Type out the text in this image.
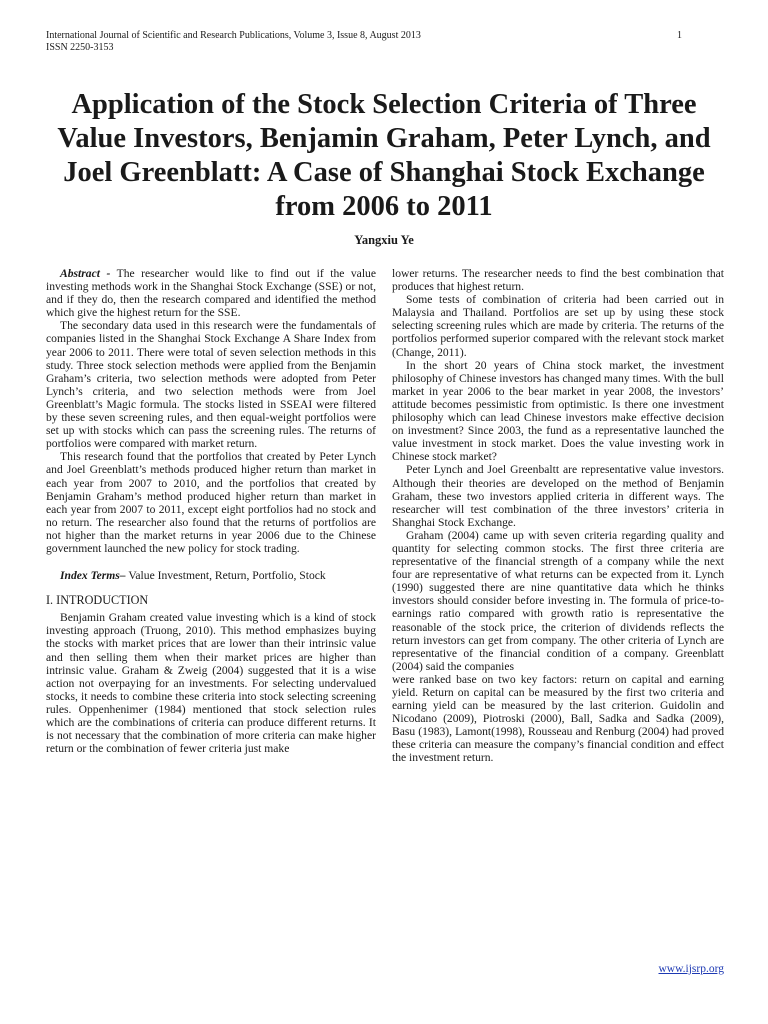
International Journal of Scientific and Research Publications, Volume 3, Issue 8, August 2013
ISSN 2250-3153
1
Application of the Stock Selection Criteria of Three Value Investors, Benjamin Graham, Peter Lynch, and Joel Greenblatt: A Case of Shanghai Stock Exchange from 2006 to 2011
Yangxiu Ye

Abstract - The researcher would like to find out if the value investing methods work in the Shanghai Stock Exchange (SSE) or not, and if they do, then the research compared and identified the method which give the highest return for the SSE.

The secondary data used in this research were the fundamentals of companies listed in the Shanghai Stock Exchange A Share Index from year 2006 to 2011. There were total of seven selection methods in this study. Three stock selection methods were applied from the Benjamin Graham’s criteria, two selection methods were adopted from Peter Lynch’s criteria, and two selection methods were from Joel Greenblatt’s Magic formula. The stocks listed in SSEAI were filtered by these seven screening rules, and then equal-weight portfolios were set up with stocks which can pass the screening rules. The returns of portfolios were compared with market return.

This research found that the portfolios that created by Peter Lynch and Joel Greenblatt’s methods produced higher return than market in each year from 2007 to 2010, and the portfolios that created by Benjamin Graham’s method produced higher return than market in each year from 2007 to 2011, except eight portfolios had no stock and no return. The researcher also found that the returns of portfolios are not higher than the market returns in year 2006 due to the Chinese government launched the new policy for stock trading.

Index Terms– Value Investment, Return, Portfolio, Stock

I. INTRODUCTION

Benjamin Graham created value investing which is a kind of stock investing approach (Truong, 2010). This method emphasizes buying the stocks with market prices that are lower than their intrinsic value and then selling them when their market prices are higher than intrinsic value. Graham & Zweig (2004) suggested that it is a wise action not overpaying for an investments. For selecting undervalued stocks, it needs to combine these criteria into stock selecting screening rules. Oppenhenimer (1984) mentioned that stock selection rules which are the combinations of criteria can produce different returns. It is not necessary that the combination of more criteria can make higher return or the combination of fewer criteria just make

lower returns. The researcher needs to find the best combination that produces that highest return.

Some tests of combination of criteria had been carried out in Malaysia and Thailand. Portfolios are set up by using these stock selecting screening rules which are made by criteria. The returns of the portfolios performed superior compared with the relevant stock market (Change, 2011).

In the short 20 years of China stock market, the investment philosophy of Chinese investors has changed many times. With the bull market in year 2006 to the bear market in year 2008, the investors’ attitude becomes pessimistic from optimistic. Is there one investment philosophy which can lead Chinese investors make effective decision on investment? Since 2003, the fund as a representative launched the value investment in stock market. Does the value investing work in Chinese stock market?

Peter Lynch and Joel Greenbaltt are representative value investors. Although their theories are developed on the method of Benjamin Graham, these two investors applied criteria in different ways. The researcher will test combination of the three investors’ criteria in Shanghai Stock Exchange.

Graham (2004) came up with seven criteria regarding quality and quantity for selecting common stocks. The first three criteria are representative of the financial strength of a company while the next four are representative of what returns can be expected from it. Lynch (1990) suggested there are nine quantitative data which he thinks investors should consider before investing in. The formula of price-to-earnings ratio compared with growth ratio is representative the reasonable of the stock price, the criterion of dividends reflects the return investors can get from company. The other criteria of Lynch are representative of the financial condition of a company. Greenblatt (2004) said the companies

were ranked base on two key factors: return on capital and earning yield. Return on capital can be measured by the first two criteria and earning yield can be measured by the last criterion. Guidolin and Nicodano (2009), Piotroski (2000), Ball, Sadka and Sadka (2009), Basu (1983), Lamont(1998), Rousseau and Renburg (2004) had proved these criteria can measure the company’s financial condition and effect the investment return.

www.ijsrp.org
